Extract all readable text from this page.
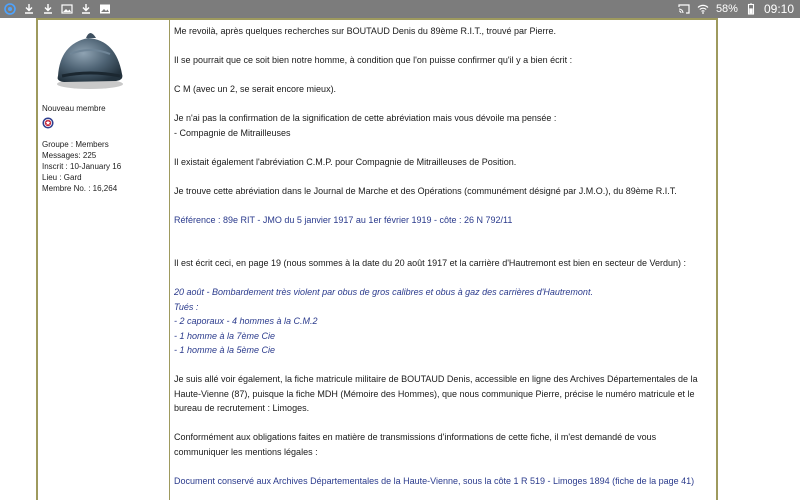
58% 09:10
Nouveau membre
Groupe : Members
Messages: 225
Inscrit : 10-January 16
Lieu : Gard
Membre No. : 16,264

Me revoilà, après quelques recherches sur BOUTAUD Denis du 89ème R.I.T., trouvé par Pierre.

Il se pourrait que ce soit bien notre homme, à condition que l'on puisse confirmer qu'il y a bien écrit :

C M (avec un 2, se serait encore mieux).

Je n'ai pas la confirmation de la signification de cette abréviation mais vous dévoile ma pensée :

- Compagnie de Mitrailleuses

Il existait également l'abréviation C.M.P. pour Compagnie de Mitrailleuses de Position.

Je trouve cette abréviation dans le Journal de Marche et des Opérations (communément désigné par J.M.O.), du 89ème R.I.T.

Référence : 89e RIT - JMO du 5 janvier 1917 au 1er février 1919 - côte : 26 N 792/11

Il est écrit ceci, en page 19 (nous sommes à la date du 20 août 1917 et la carrière d'Hautremont est bien en secteur de Verdun) :

20 août - Bombardement très violent par obus de gros calibres et obus à gaz des carrières d'Hautremont.

Tués :

- 2 caporaux - 4 hommes à la C.M.2

- 1 homme à la 7ème Cie

- 1 homme à la 5ème Cie

Je suis allé voir également, la fiche matricule militaire de BOUTAUD Denis, accessible en ligne des Archives Départementales de la

Haute-Vienne (87), puisque la fiche MDH (Mémoire des Hommes), que nous communique Pierre, précise le numéro matricule et le

bureau de recrutement : Limoges.

Conformément aux obligations faites en matière de transmissions d'informations de cette fiche, il m'est demandé de vous

communiquer les mentions légales :

Document conservé aux Archives Départementales de la Haute-Vienne, sous la côte 1 R 519 - Limoges 1894 (fiche de la page 41)
